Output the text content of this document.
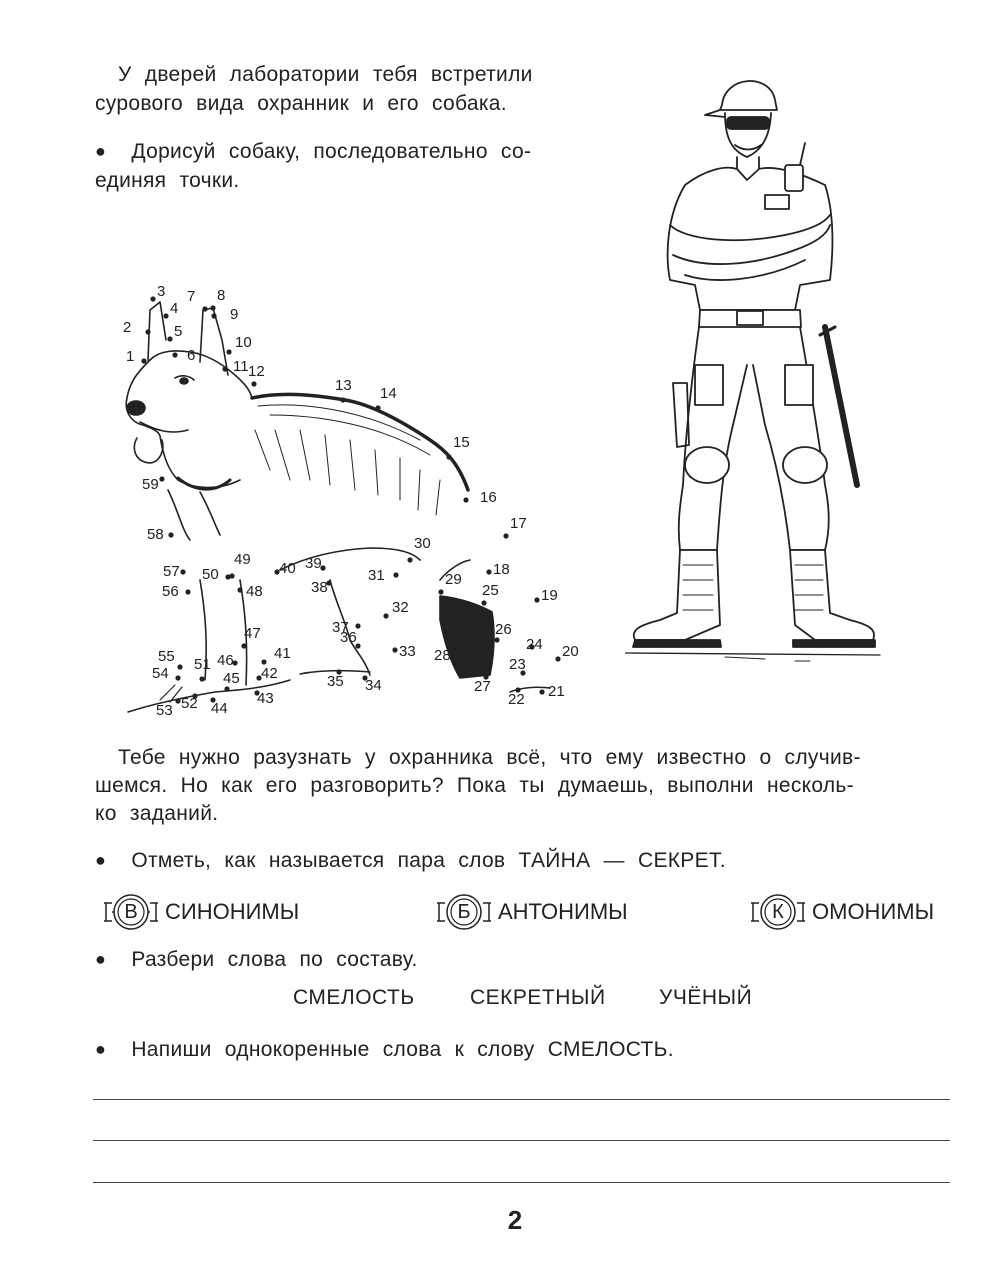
У дверей лаборатории тебя встретили
сурового вида охранник и его собака.
● Дорисуй собаку, последовательно со-
единяя точки.
1
2
3
4
5
6
7 8
9
10
11 12
13 14
15
16
17
18
19
20
21
22
23
24
25
26
27
28
29
30
31
32
33
34
35
36
37
38
39
40
41
42
43
44
45
46
47
48
49
50
51
52
53
54
55
56
57
58
59
Тебе нужно разузнать у охранника всё, что ему известно о случив-
шемся. Но как его разговорить? Пока ты думаешь, выполни несколь-
ко заданий.
● Отметь, как называется пара слов ТАЙНА — СЕКРЕТ.
В	СИНОНИМЫ	Б	АНТОНИМЫ	К	ОМОНИМЫ
● Разбери слова по составу.
СМЕЛОСТЬ	СЕКРЕТНЫЙ	УЧЁНЫЙ
● Напиши однокоренные слова к слову СМЕЛОСТЬ.
2
